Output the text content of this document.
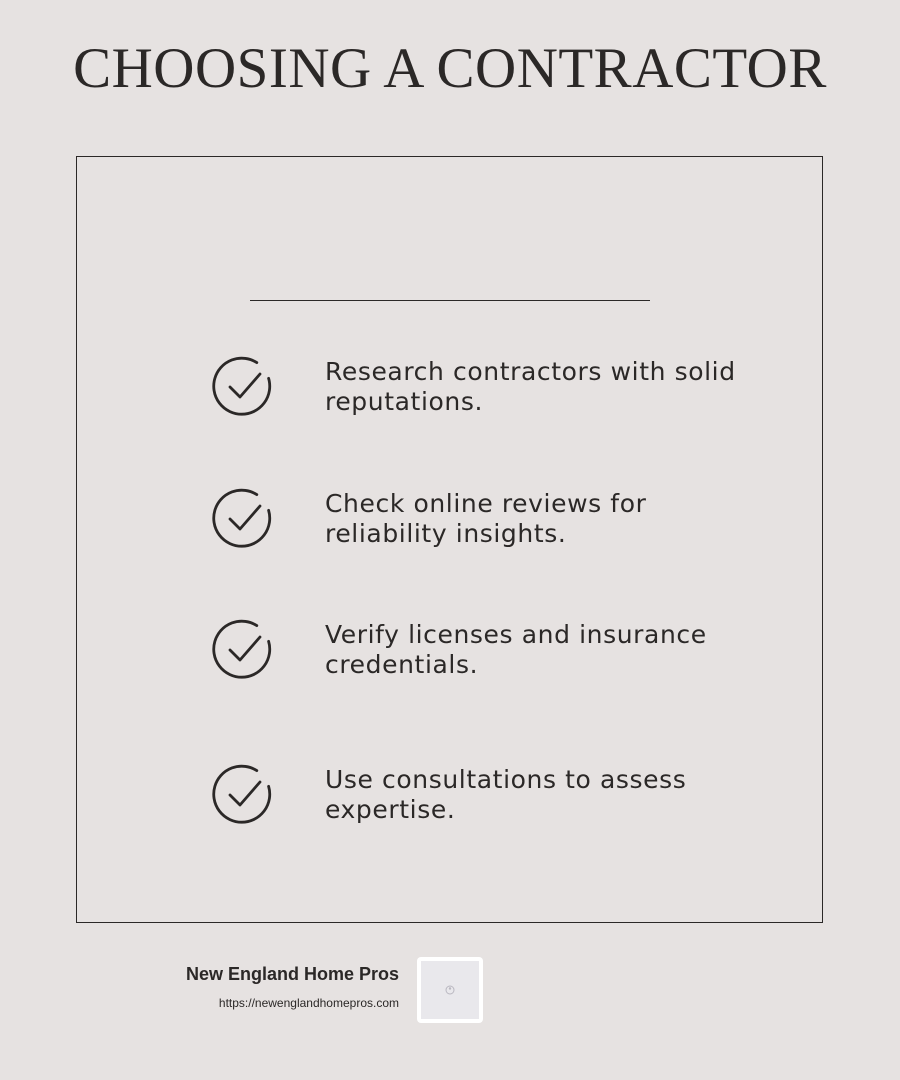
CHOOSING A CONTRACTOR
Research contractors with solid reputations.
Check online reviews for reliability insights.
Verify licenses and insurance credentials.
Use consultations to assess expertise.
New England Home Pros
https://newenglandhomepros.com
